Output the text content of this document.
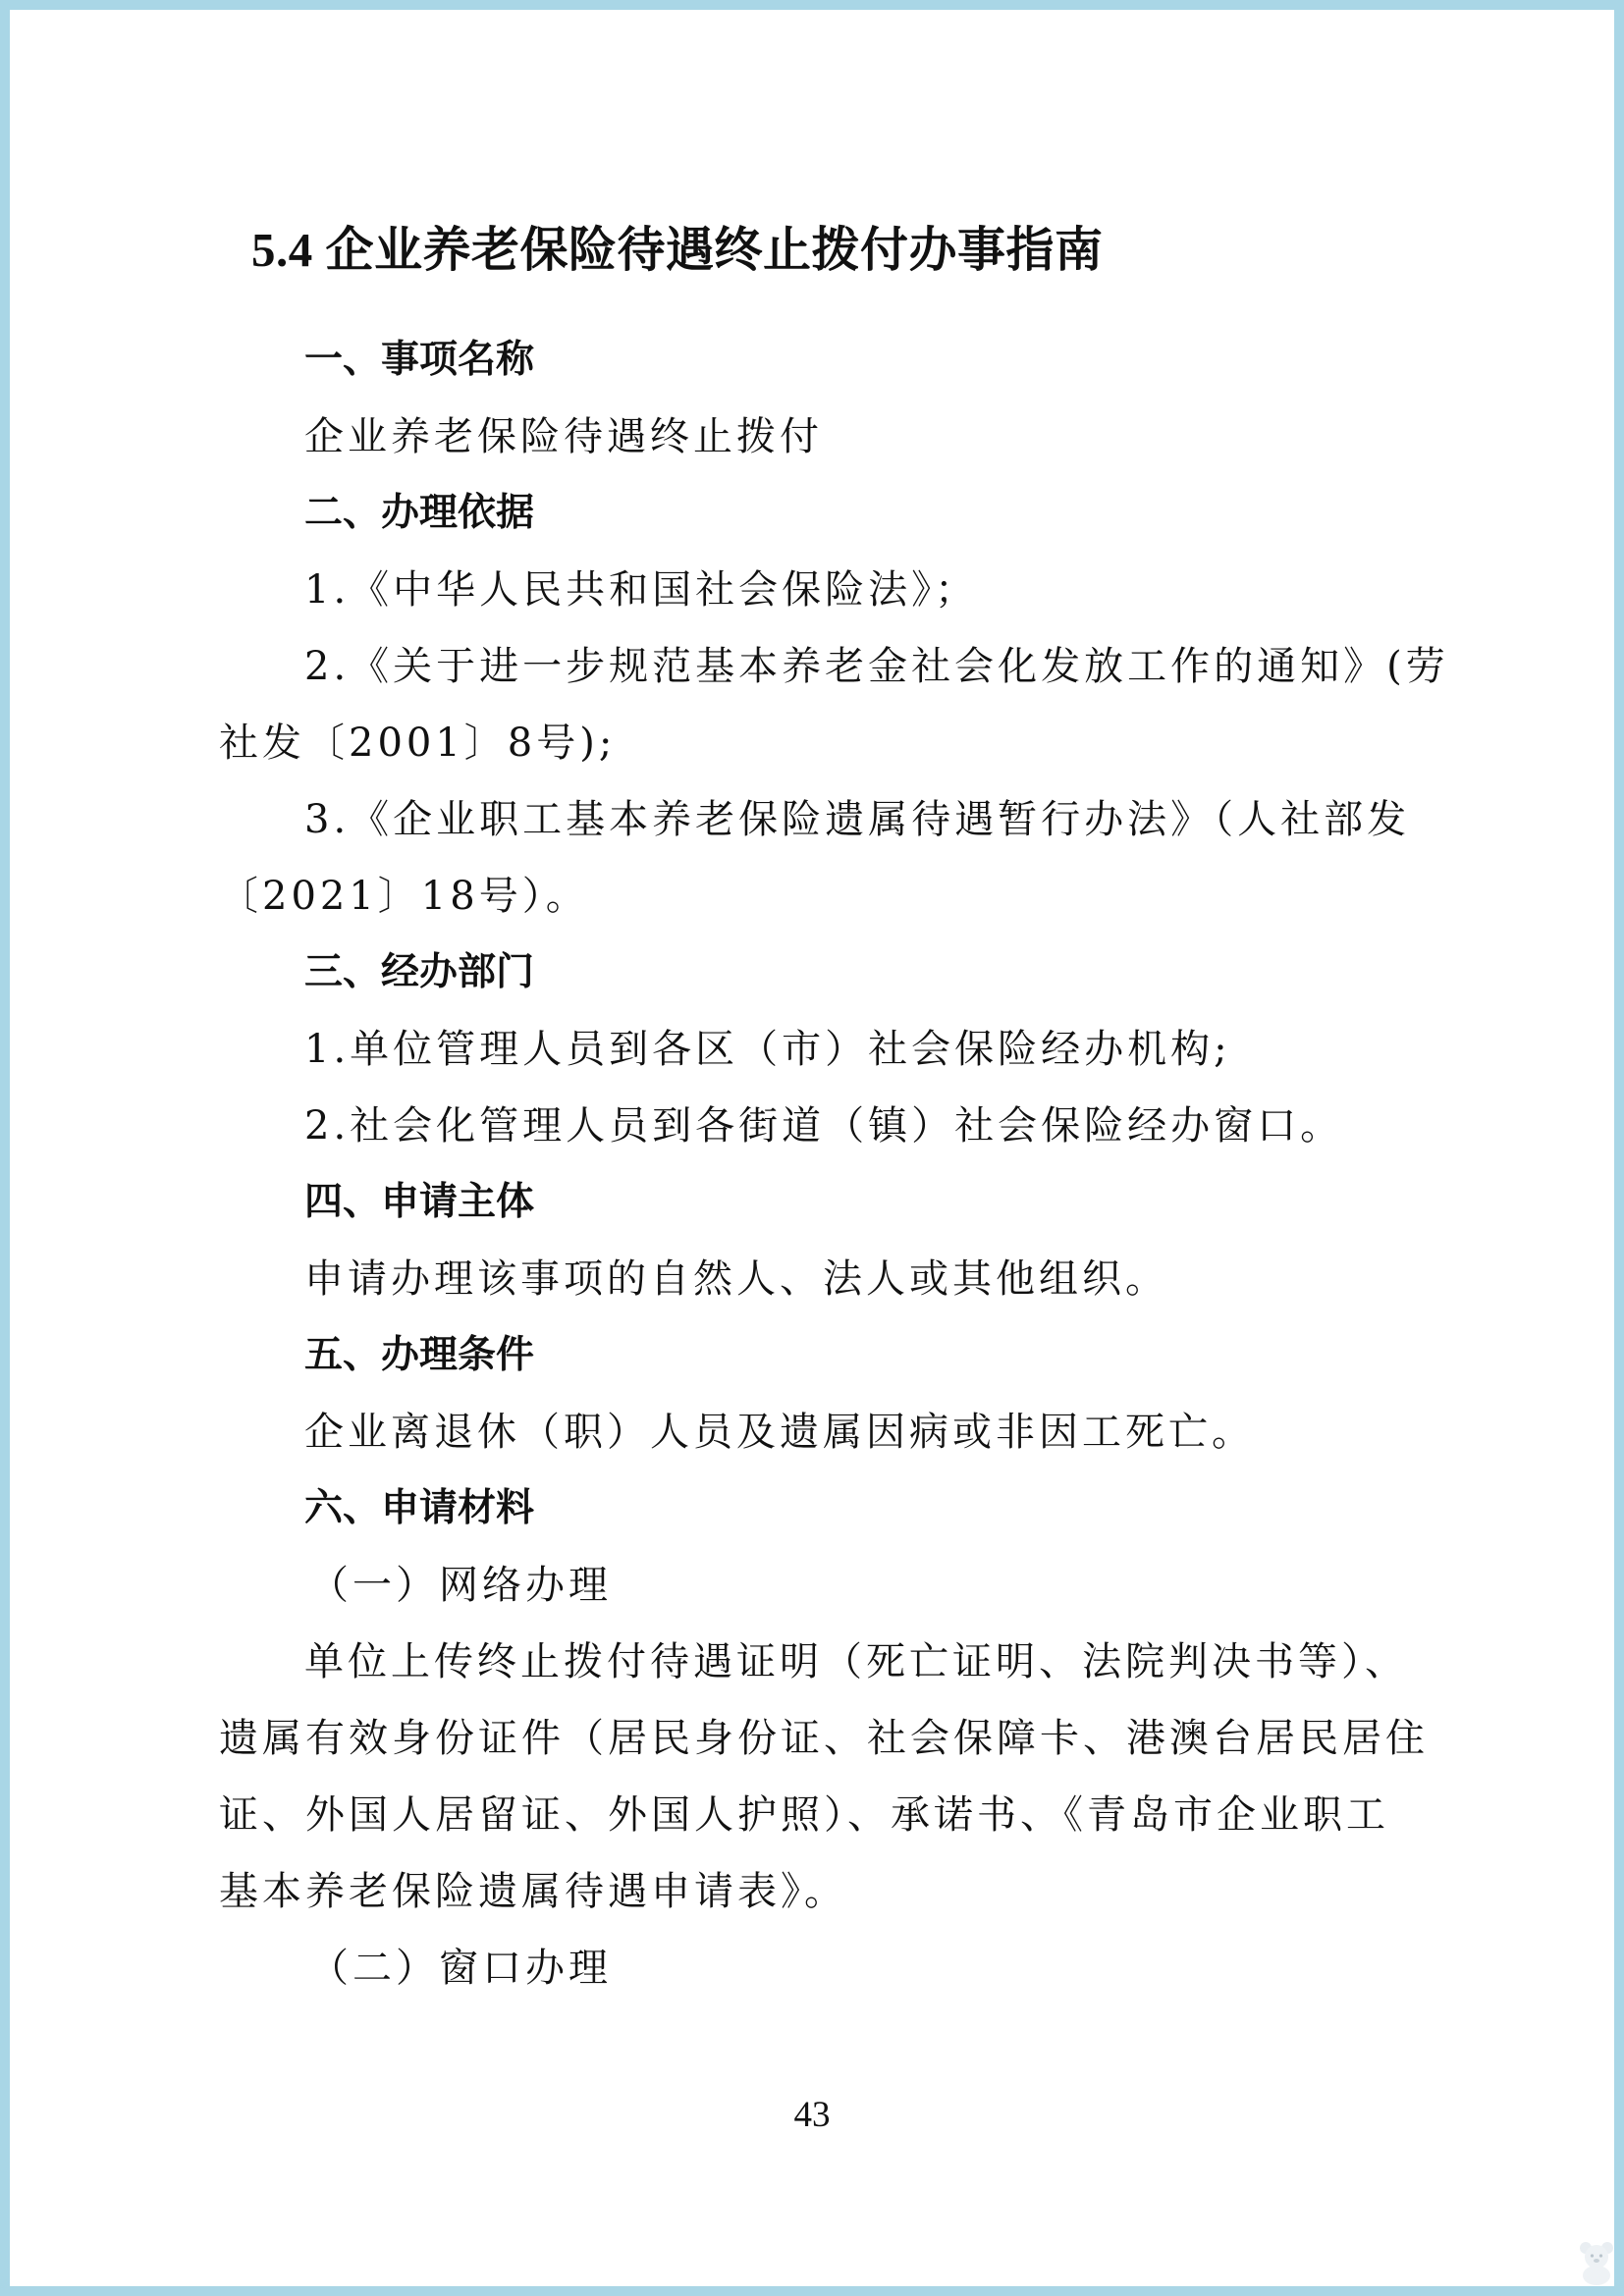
5.4 企业养老保险待遇终止拨付办事指南
一、事项名称
企业养老保险待遇终止拨付
二、办理依据
1.《中华人民共和国社会保险法》；
2.《关于进一步规范基本养老金社会化发放工作的通知》(劳
社发〔2001〕8号);
3.《企业职工基本养老保险遗属待遇暂行办法》（人社部发
〔2021〕18号）。
三、经办部门
1.单位管理人员到各区（市）社会保险经办机构;
2.社会化管理人员到各街道（镇）社会保险经办窗口。
四、申请主体
申请办理该事项的自然人、法人或其他组织。
五、办理条件
企业离退休（职）人员及遗属因病或非因工死亡。
六、申请材料
（一）网络办理
单位上传终止拨付待遇证明（死亡证明、法院判决书等）、
遗属有效身份证件（居民身份证、社会保障卡、港澳台居民居住
证、外国人居留证、外国人护照）、承诺书、《青岛市企业职工
基本养老保险遗属待遇申请表》。
（二）窗口办理
43
